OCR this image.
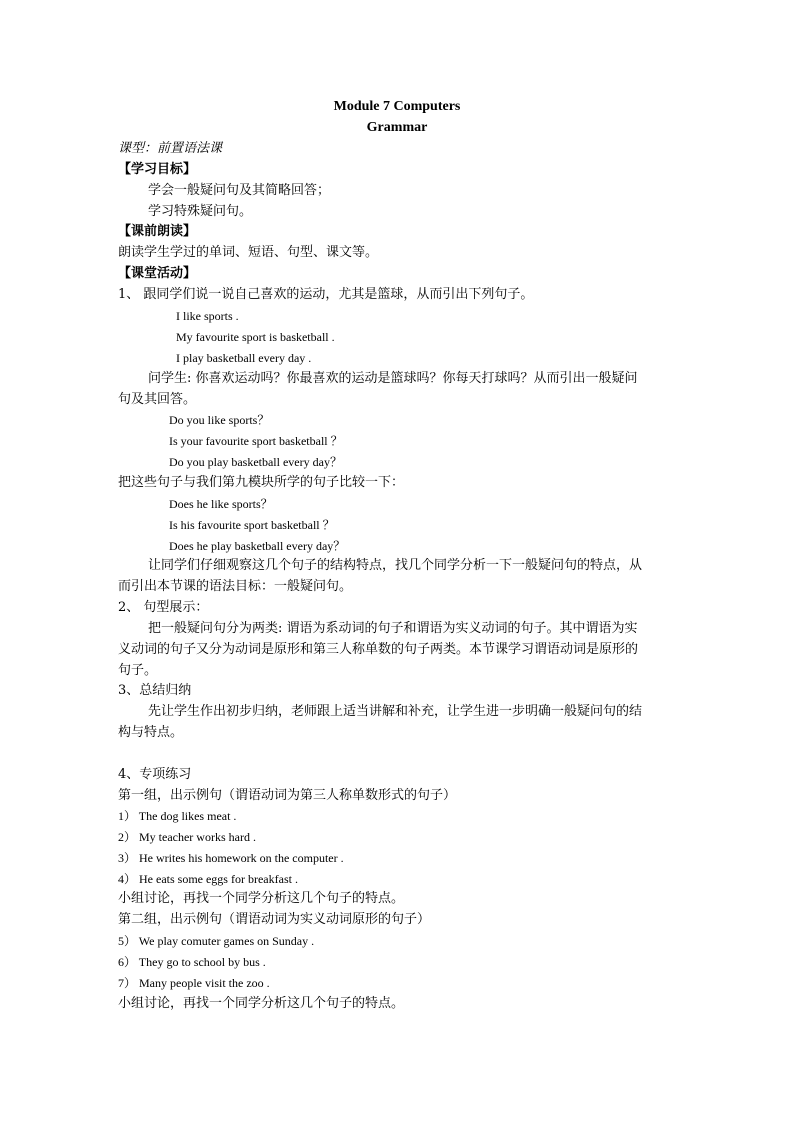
Module 7 Computers
Grammar
课型：前置语法课
【学习目标】
学会一般疑问句及其简略回答；
学习特殊疑问句。
【课前朗读】
朗读学生学过的单词、短语、句型、课文等。
【课堂活动】
1、 跟同学们说一说自己喜欢的运动，尤其是篮球，从而引出下列句子。
I like sports .
My favourite sport is basketball .
I play basketball every day .
问学生: 你喜欢运动吗？你最喜欢的运动是篮球吗？你每天打球吗？从而引出一般疑问
句及其回答。
Do you like sports？
Is your favourite sport basketball ？
Do you play basketball every day？
把这些句子与我们第九模块所学的句子比较一下：
Does he like sports？
Is his favourite sport basketball ？
Does he play basketball every day？
让同学们仔细观察这几个句子的结构特点，找几个同学分析一下一般疑问句的特点，从
而引出本节课的语法目标：一般疑问句。
2、 句型展示：
把一般疑问句分为两类: 谓语为系动词的句子和谓语为实义动词的句子。其中谓语为实
义动词的句子又分为动词是原形和第三人称单数的句子两类。本节课学习谓语动词是原形的
句子。
3、总结归纳
先让学生作出初步归纳，老师跟上适当讲解和补充，让学生进一步明确一般疑问句的结
构与特点。
4、专项练习
第一组，出示例句（谓语动词为第三人称单数形式的句子）
1） The dog likes meat .
2） My teacher works hard .
3） He writes his homework on the computer .
4） He eats some eggs for breakfast .
小组讨论，再找一个同学分析这几个句子的特点。
第二组，出示例句（谓语动词为实义动词原形的句子）
5） We play comuter games on Sunday .
6） They go to school by bus .
7） Many people visit the zoo .
小组讨论，再找一个同学分析这几个句子的特点。
